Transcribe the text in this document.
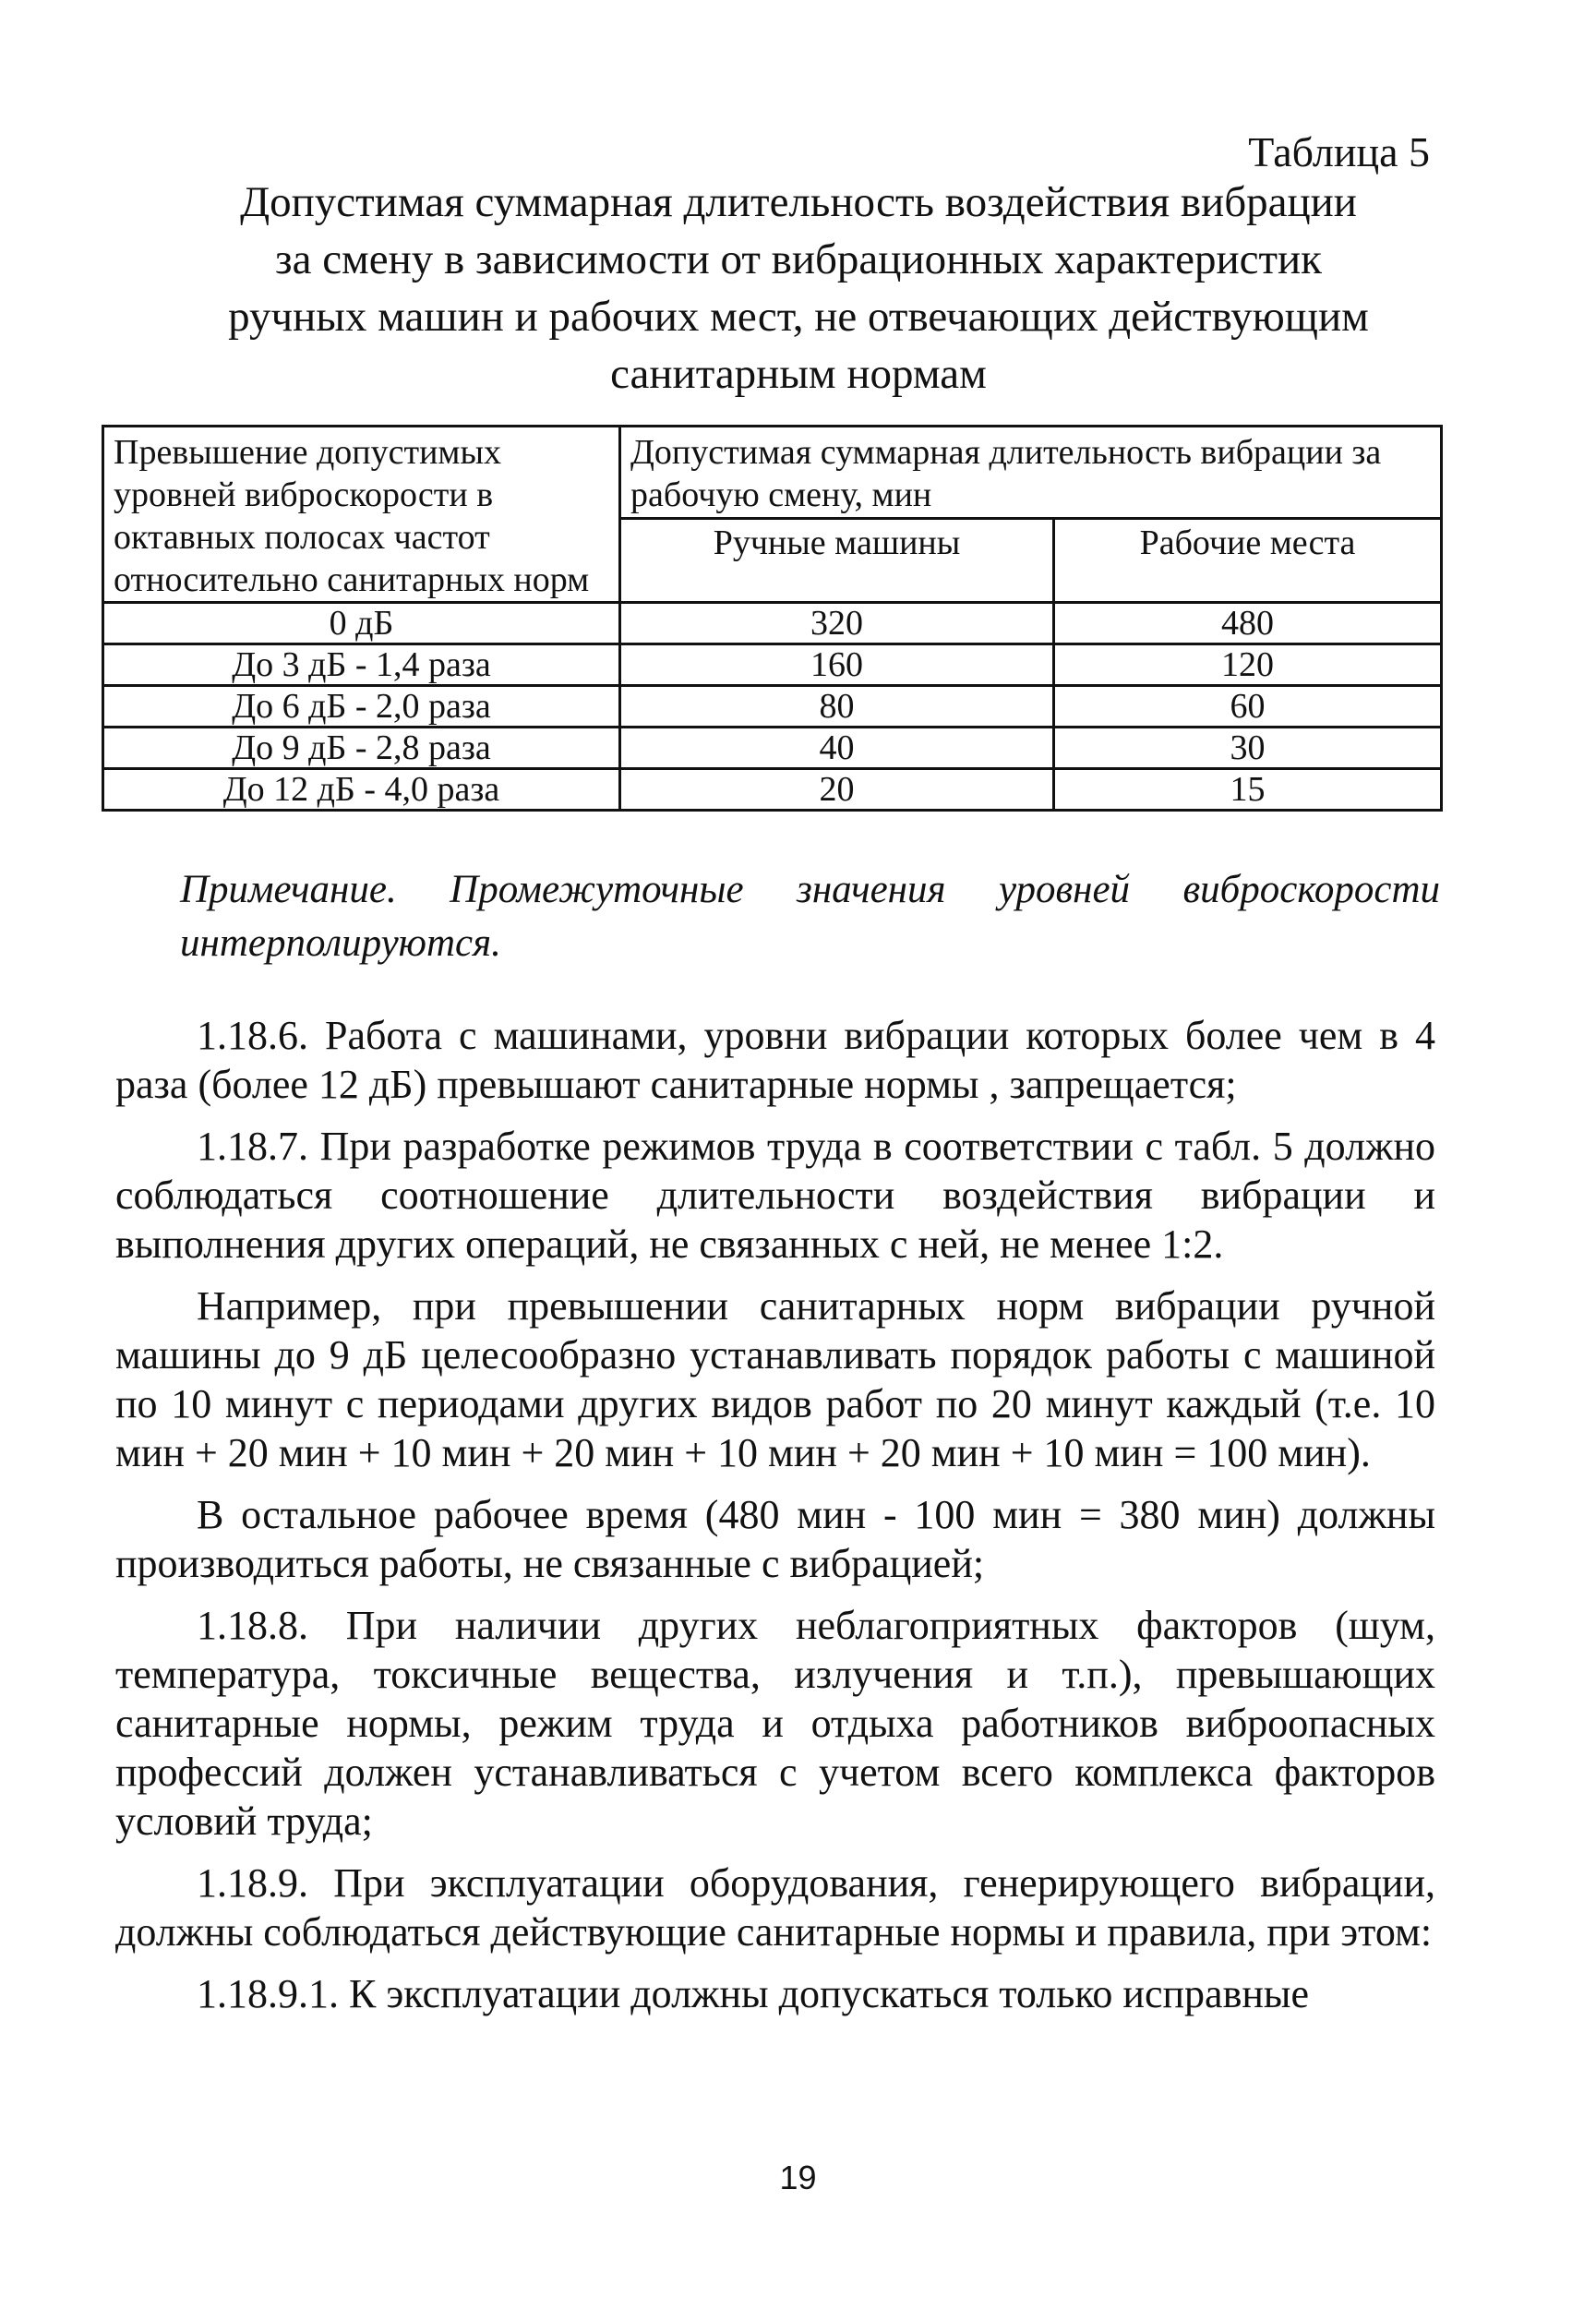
Таблица 5
Допустимая суммарная длительность воздействия вибрации
за смену в зависимости от вибрационных характеристик
ручных машин и рабочих мест, не отвечающих действующим
санитарным нормам
Превышение допустимых уровней виброскорости в октавных полосах частот относительно санитарных норм	Допустимая суммарная длительность вибрации за рабочую смену, мин	
	Ручные машины	Рабочие места
0 дБ	320	480
До 3 дБ - 1,4 раза	160	120
До 6 дБ - 2,0 раза	80	60
До 9 дБ - 2,8 раза	40	30
До 12 дБ - 4,0 раза	20	15
Примечание. Промежуточные значения уровней виброскорости интерполируются.

1.18.6. Работа с машинами, уровни вибрации которых более чем в 4 раза (более 12 дБ) превышают санитарные нормы , запрещается;

1.18.7. При разработке режимов труда в соответствии с табл. 5 должно соблюдаться соотношение длительности воздействия вибрации и выполнения других операций, не связанных с ней, не менее 1:2.

Например, при превышении санитарных норм вибрации ручной машины до 9 дБ целесообразно устанавливать порядок работы с машиной по 10 минут с периодами других видов работ по 20 минут каждый (т.е. 10 мин + 20 мин + 10 мин + 20 мин + 10 мин + 20 мин + 10 мин = 100 мин).

В остальное рабочее время (480 мин - 100 мин = 380 мин) должны производиться работы, не связанные с вибрацией;

1.18.8. При наличии других неблагоприятных факторов (шум, температура, токсичные вещества, излучения и т.п.), превышающих санитарные нормы, режим труда и отдыха работников виброопасных профессий должен устанавливаться с учетом всего комплекса факторов условий труда;

1.18.9. При эксплуатации оборудования, генерирующего вибрации, должны соблюдаться действующие санитарные нормы и правила, при этом:

1.18.9.1. К эксплуатации должны допускаться только исправные

19
